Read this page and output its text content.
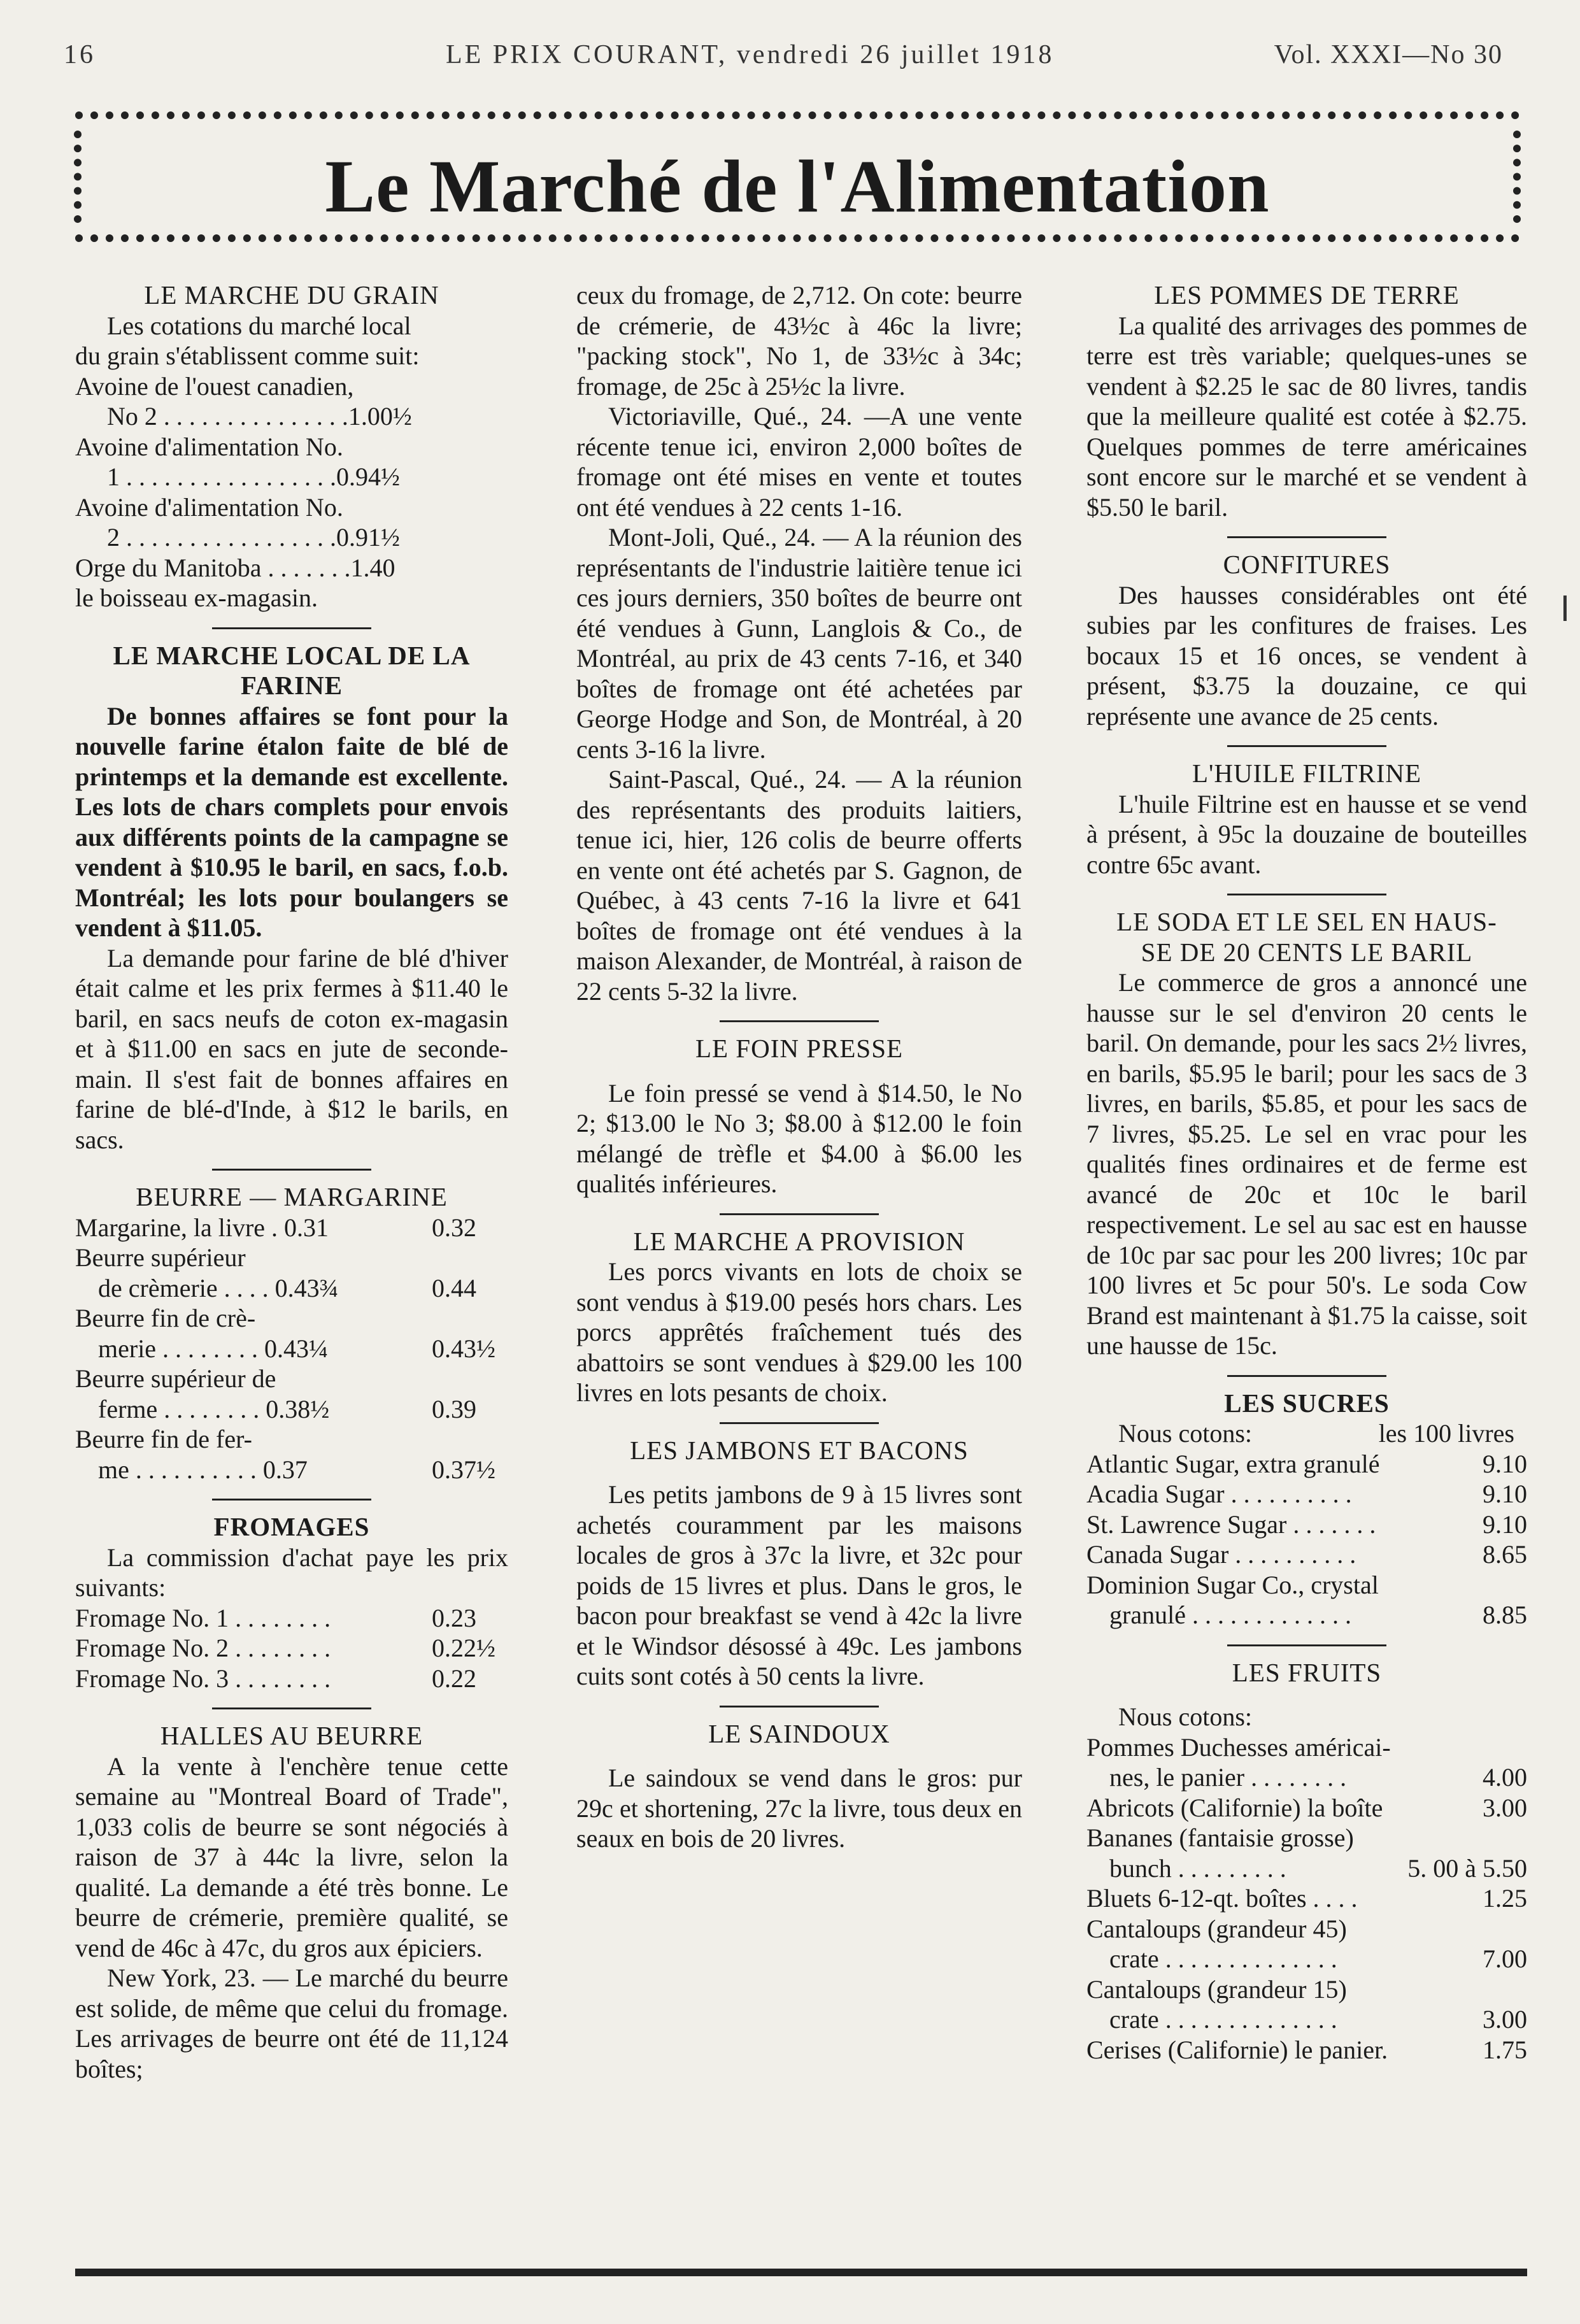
16	LE PRIX COURANT, vendredi 26 juillet 1918	Vol. XXXI—No 30
Le Marché de l'Alimentation
LE MARCHE DU GRAIN
Les cotations du marché local
du grain s'établissent comme suit:
Avoine de l'ouest canadien,
No 2 . . . . . . . . . . . . . . .1.00½
Avoine d'alimentation No.
1 . . . . . . . . . . . . . . . . .0.94½
Avoine d'alimentation No.
2 . . . . . . . . . . . . . . . . .0.91½
Orge du Manitoba . . . . . . .1.40
le boisseau ex-magasin.
LE MARCHE LOCAL DE LA
FARINE
De bonnes affaires se font pour la nouvelle farine étalon faite de blé de printemps et la demande est excellente. Les lots de chars complets pour envois aux différents points de la campagne se vendent à $10.95 le baril, en sacs, f.o.b. Montréal; les lots pour boulangers se vendent à $11.05.
La demande pour farine de blé d'hiver était calme et les prix fermes à $11.40 le baril, en sacs neufs de coton ex-magasin et à $11.00 en sacs en jute de seconde-main. Il s'est fait de bonnes affaires en farine de blé-d'Inde, à $12 le barils, en sacs.
BEURRE — MARGARINE
Margarine, la livre . 0.31	0.32
Beurre supérieur
de crèmerie . . . . 0.43¾	0.44
Beurre fin de crè-
merie . . . . . . . . 0.43¼	0.43½
Beurre supérieur de
ferme . . . . . . . . 0.38½	0.39
Beurre fin de fer-
me . . . . . . . . . . 0.37	0.37½
FROMAGES
La commission d'achat paye les prix suivants:
Fromage No. 1 . . . . . . . .	0.23
Fromage No. 2 . . . . . . . .	0.22½
Fromage No. 3 . . . . . . . .	0.22
HALLES AU BEURRE
A la vente à l'enchère tenue cette semaine au "Montreal Board of Trade", 1,033 colis de beurre se sont négociés à raison de 37 à 44c la livre, selon la qualité. La demande a été très bonne. Le beurre de crémerie, première qualité, se vend de 46c à 47c, du gros aux épiciers.
New York, 23. — Le marché du beurre est solide, de même que celui du fromage. Les arrivages de beurre ont été de 11,124 boîtes;
ceux du fromage, de 2,712. On cote: beurre de crémerie, de 43½c à 46c la livre; "packing stock", No 1, de 33½c à 34c; fromage, de 25c à 25½c la livre.
Victoriaville, Qué., 24. —A une vente récente tenue ici, environ 2,000 boîtes de fromage ont été mises en vente et toutes ont été vendues à 22 cents 1-16.
Mont-Joli, Qué., 24. — A la réunion des représentants de l'industrie laitière tenue ici ces jours derniers, 350 boîtes de beurre ont été vendues à Gunn, Langlois & Co., de Montréal, au prix de 43 cents 7-16, et 340 boîtes de fromage ont été achetées par George Hodge and Son, de Montréal, à 20 cents 3-16 la livre.
Saint-Pascal, Qué., 24. — A la réunion des représentants des produits laitiers, tenue ici, hier, 126 colis de beurre offerts en vente ont été achetés par S. Gagnon, de Québec, à 43 cents 7-16 la livre et 641 boîtes de fromage ont été vendues à la maison Alexander, de Montréal, à raison de 22 cents 5-32 la livre.
LE FOIN PRESSE
Le foin pressé se vend à $14.50, le No 2; $13.00 le No 3; $8.00 à $12.00 le foin mélangé de trèfle et $4.00 à $6.00 les qualités inférieures.
LE MARCHE A PROVISION
Les porcs vivants en lots de choix se sont vendus à $19.00 pesés hors chars. Les porcs apprêtés fraîchement tués des abattoirs se sont vendues à $29.00 les 100 livres en lots pesants de choix.
LES JAMBONS ET BACONS
Les petits jambons de 9 à 15 livres sont achetés couramment par les maisons locales de gros à 37c la livre, et 32c pour poids de 15 livres et plus. Dans le gros, le bacon pour breakfast se vend à 42c la livre et le Windsor désossé à 49c. Les jambons cuits sont cotés à 50 cents la livre.
LE SAINDOUX
Le saindoux se vend dans le gros: pur 29c et shortening, 27c la livre, tous deux en seaux en bois de 20 livres.
LES POMMES DE TERRE
La qualité des arrivages des pommes de terre est très variable; quelques-unes se vendent à $2.25 le sac de 80 livres, tandis que la meilleure qualité est cotée à $2.75. Quelques pommes de terre américaines sont encore sur le marché et se vendent à $5.50 le baril.
CONFITURES
Des hausses considérables ont été subies par les confitures de fraises. Les bocaux 15 et 16 onces, se vendent à présent, $3.75 la douzaine, ce qui représente une avance de 25 cents.
L'HUILE FILTRINE
L'huile Filtrine est en hausse et se vend à présent, à 95c la douzaine de bouteilles contre 65c avant.
LE SODA ET LE SEL EN HAUS-
SE DE 20 CENTS LE BARIL
Le commerce de gros a annoncé une hausse sur le sel d'environ 20 cents le baril. On demande, pour les sacs 2½ livres, en barils, $5.95 le baril; pour les sacs de 3 livres, en barils, $5.85, et pour les sacs de 7 livres, $5.25. Le sel en vrac pour les qualités fines ordinaires et de ferme est avancé de 20c et 10c le baril respectivement. Le sel au sac est en hausse de 10c par sac pour les 200 livres; 10c par 100 livres et 5c pour 50's. Le soda Cow Brand est maintenant à $1.75 la caisse, soit une hausse de 15c.
LES SUCRES
Nous cotons:	les 100 livres
Atlantic Sugar, extra granulé	9.10
Acadia Sugar . . . . . . . . . .	9.10
St. Lawrence Sugar . . . . . . .	9.10
Canada Sugar . . . . . . . . . .	8.65
Dominion Sugar Co., crystal
granulé . . . . . . . . . . . . .	8.85
LES FRUITS
Nous cotons:
Pommes Duchesses américai-
nes, le panier . . . . . . . .	4.00
Abricots (Californie) la boîte	3.00
Bananes (fantaisie grosse)
bunch . . . . . . . . .	5. 00 à 5.50
Bluets 6-12-qt. boîtes . . . .	1.25
Cantaloups (grandeur 45)
crate . . . . . . . . . . . . . .	7.00
Cantaloups (grandeur 15)
crate . . . . . . . . . . . . . .	3.00
Cerises (Californie) le panier.	1.75
